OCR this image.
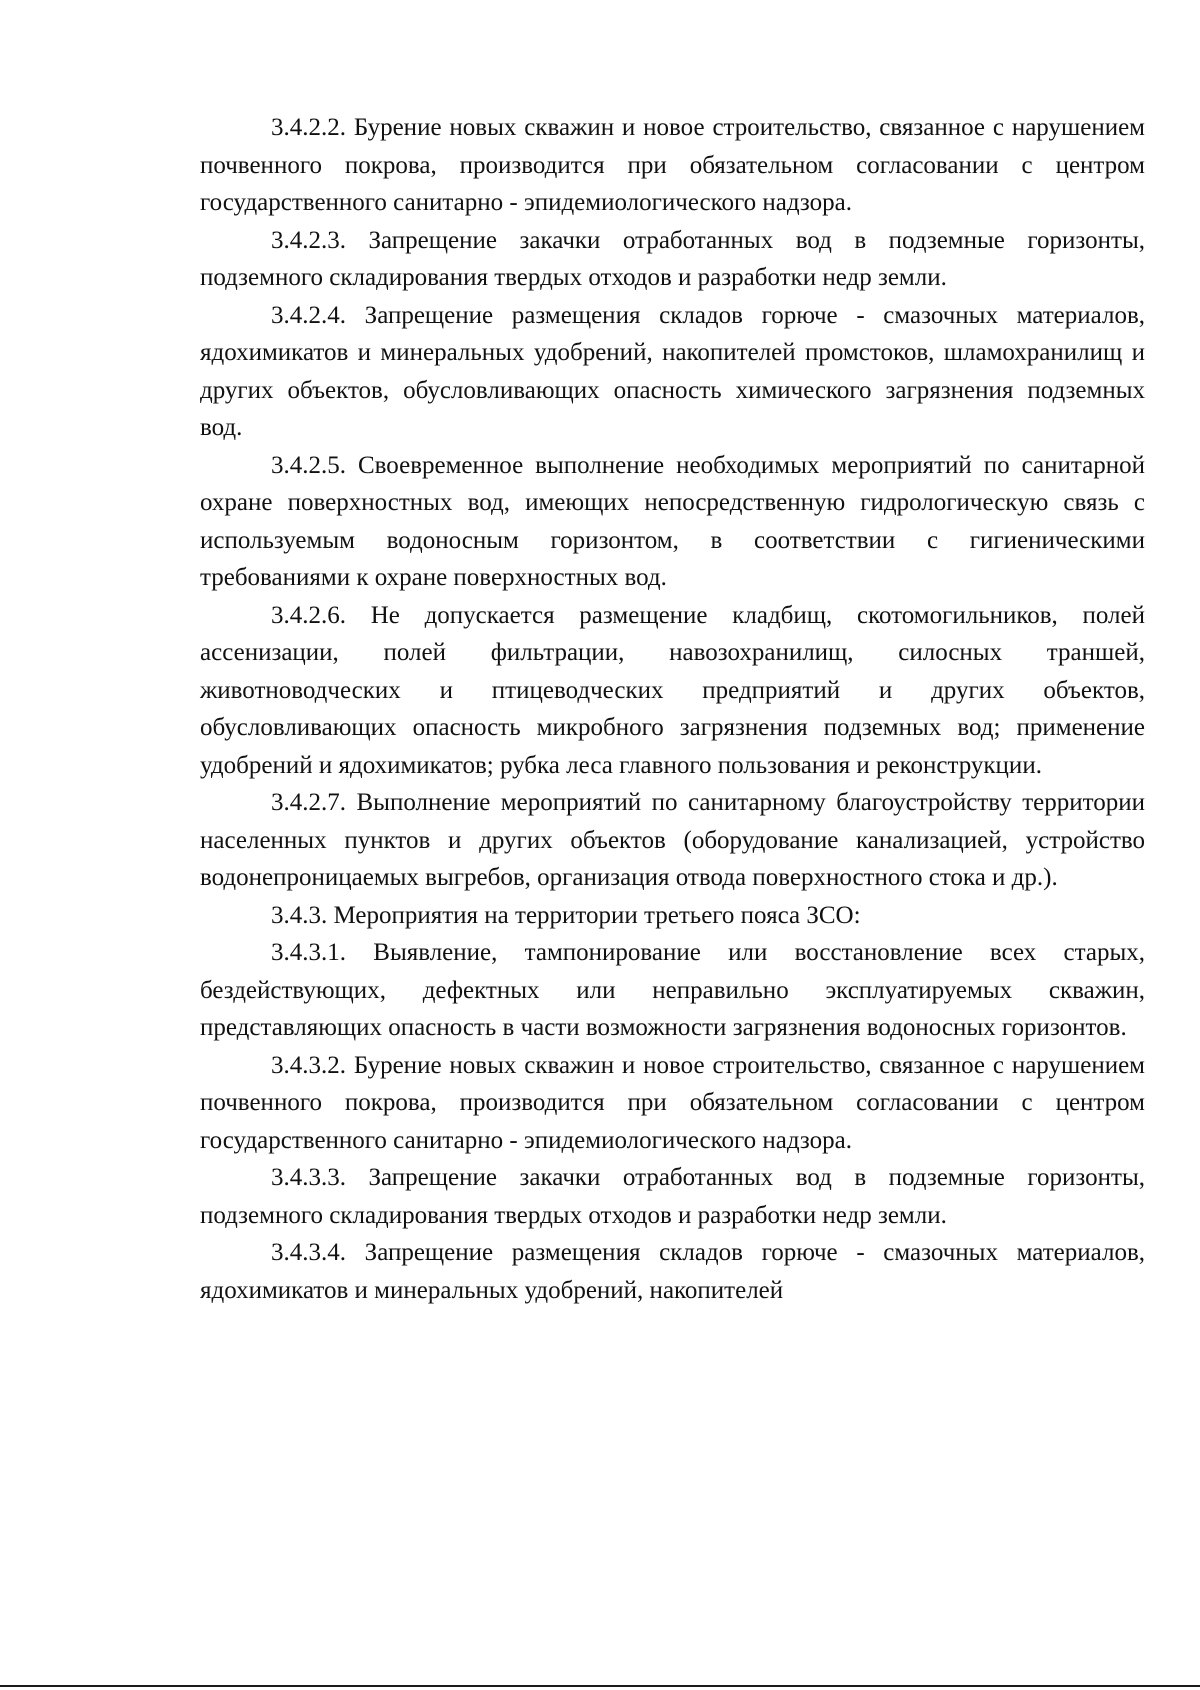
3.4.2.2. Бурение новых скважин и новое строительство, связанное с нарушением почвенного покрова, производится при обязательном согласовании с центром государственного санитарно - эпидемиологического надзора.

3.4.2.3. Запрещение закачки отработанных вод в подземные горизонты, подземного складирования твердых отходов и разработки недр земли.

3.4.2.4. Запрещение размещения складов горюче - смазочных материалов, ядохимикатов и минеральных удобрений, накопителей промстоков, шламохранилищ и других объектов, обусловливающих опасность химического загрязнения подземных вод.

3.4.2.5. Своевременное выполнение необходимых мероприятий по санитарной охране поверхностных вод, имеющих непосредственную гидрологическую связь с используемым водоносным горизонтом, в соответствии с гигиеническими требованиями к охране поверхностных вод.

3.4.2.6. Не допускается размещение кладбищ, скотомогильников, полей ассенизации, полей фильтрации, навозохранилищ, силосных траншей, животноводческих и птицеводческих предприятий и других объектов, обусловливающих опасность микробного загрязнения подземных вод; применение удобрений и ядохимикатов; рубка леса главного пользования и реконструкции.

3.4.2.7. Выполнение мероприятий по санитарному благоустройству территории населенных пунктов и других объектов (оборудование канализацией, устройство водонепроницаемых выгребов, организация отвода поверхностного стока и др.).

3.4.3. Мероприятия на территории третьего пояса ЗСО:

3.4.3.1. Выявление, тампонирование или восстановление всех старых, бездействующих, дефектных или неправильно эксплуатируемых скважин, представляющих опасность в части возможности загрязнения водоносных горизонтов.

3.4.3.2. Бурение новых скважин и новое строительство, связанное с нарушением почвенного покрова, производится при обязательном согласовании с центром государственного санитарно - эпидемиологического надзора.

3.4.3.3. Запрещение закачки отработанных вод в подземные горизонты, подземного складирования твердых отходов и разработки недр земли.

3.4.3.4. Запрещение размещения складов горюче - смазочных материалов, ядохимикатов и минеральных удобрений, накопителей
